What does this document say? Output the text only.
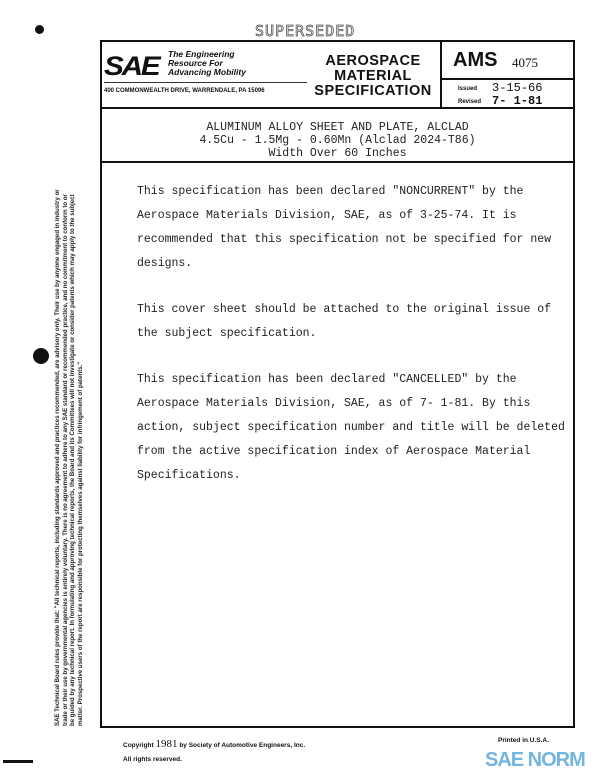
SUPERSEDED
SAE The Engineering
Resource For
Advancing Mobility
400 COMMONWEALTH DRIVE, WARRENDALE, PA 15096
AEROSPACE
MATERIAL
SPECIFICATION
AMS 4075
Issued 3-15-66
Revised 7- 1-81
ALUMINUM ALLOY SHEET AND PLATE, ALCLAD
4.5Cu - 1.5Mg - 0.60Mn (Alclad 2024-T86)
Width Over 60 Inches

This specification has been declared "NONCURRENT" by the Aerospace Materials Division, SAE, as of 3-25-74. It is recommended that this specification not be specified for new designs.

This cover sheet should be attached to the original issue of the subject specification.

This specification has been declared "CANCELLED" by the Aerospace Materials Division, SAE, as of 7- 1-81. By this action, subject specification number and title will be deleted from the active specification index of Aerospace Material Specifications.

SAE Technical Board rules provide that: "All technical reports, including standards approved and practices recommended, are advisory only. Their use by anyone engaged in industry or trade or their use by governmental agencies is entirely voluntary. There is no agreement to adhere to any SAE standard or recommended practice, and no commitment to conform to or be guided by any technical report. In formulating and approving technical reports, the Board and its Committees will not investigate or consider patents which may apply to the subject matter. Prospective users of the report are responsible for protecting themselves against liability for infringement of patents."
Copyright 1981 by Society of Automotive Engineers, Inc.
All rights reserved.
Printed in U.S.A.
SAE NORM
